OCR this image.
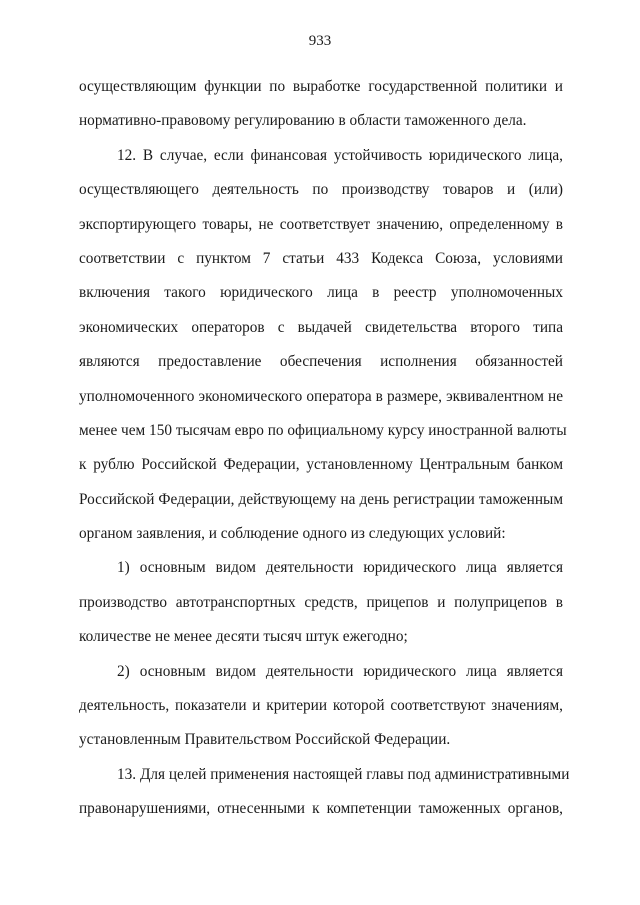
933
осуществляющим функции по выработке государственной политики и
нормативно-правовому регулированию в области таможенного дела.
12. В случае, если финансовая устойчивость юридического лица,
осуществляющего деятельность по производству товаров и (или)
экспортирующего товары, не соответствует значению, определенному в
соответствии с пунктом 7 статьи 433 Кодекса Союза, условиями
включения такого юридического лица в реестр уполномоченных
экономических операторов с выдачей свидетельства второго типа
являются предоставление обеспечения исполнения обязанностей
уполномоченного экономического оператора в размере, эквивалентном не
менее чем 150 тысячам евро по официальному курсу иностранной валюты
к рублю Российской Федерации, установленному Центральным банком
Российской Федерации, действующему на день регистрации таможенным
органом заявления, и соблюдение одного из следующих условий:
1) основным видом деятельности юридического лица является
производство автотранспортных средств, прицепов и полуприцепов в
количестве не менее десяти тысяч штук ежегодно;
2) основным видом деятельности юридического лица является
деятельность, показатели и критерии которой соответствуют значениям,
установленным Правительством Российской Федерации.
13. Для целей применения настоящей главы под административными
правонарушениями, отнесенными к компетенции таможенных органов,
